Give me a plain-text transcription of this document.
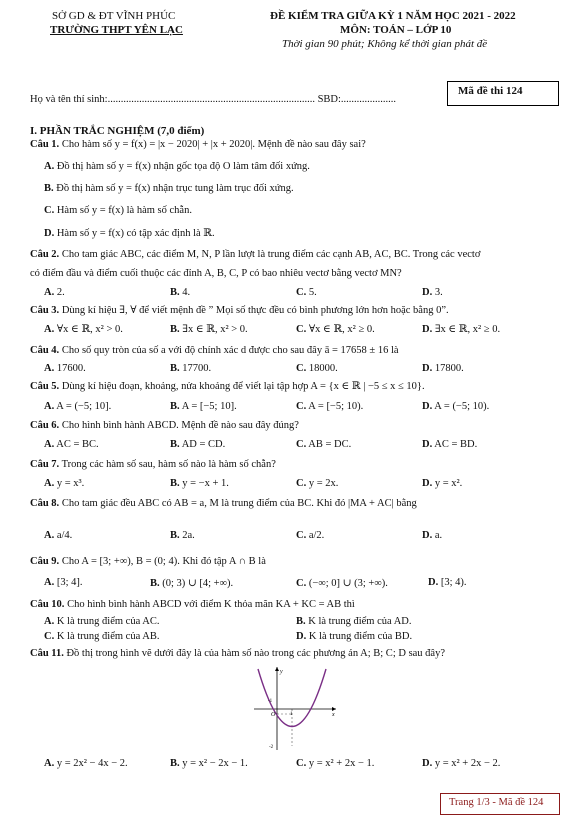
SỞ GD & ĐT VĨNH PHÚC
TRƯỜNG THPT YÊN LẠC
ĐỀ KIỂM TRA GIỮA KỲ 1 NĂM HỌC 2021 - 2022
MÔN: TOÁN – LỚP 10
Thời gian 90 phút; Không kể thời gian phát đề
Mã đề thi 124
Họ và tên thí sinh:............................................................................... SBD:.....................
I. PHẦN TRẮC NGHIỆM (7,0 điểm)
Câu 1. Cho hàm số y = f(x) = |x − 2020| + |x + 2020|. Mệnh đề nào sau đây sai?
A. Đồ thị hàm số y = f(x) nhận gốc tọa độ O làm tâm đối xứng.
B. Đồ thị hàm số y = f(x) nhận trục tung làm trục đối xứng.
C. Hàm số y = f(x) là hàm số chẵn.
D. Hàm số y = f(x) có tập xác định là ℝ.
Câu 2. Cho tam giác ABC, các điểm M, N, P lần lượt là trung điểm các cạnh AB, AC, BC. Trong các vectơ
có điểm đầu và điểm cuối thuộc các đỉnh A, B, C, P có bao nhiêu vectơ bằng vectơ MN?
A. 2.	B. 4.	C. 5.	D. 3.
Câu 3. Dùng kí hiệu ∃, ∀ để viết mệnh đề ” Mọi số thực đều có bình phương lớn hơn hoặc bằng 0”.
A. ∀x ∈ ℝ, x² > 0.	B. ∃x ∈ ℝ, x² > 0.	C. ∀x ∈ ℝ, x² ≥ 0.	D. ∃x ∈ ℝ, x² ≥ 0.
Câu 4. Cho số quy tròn của số a với độ chính xác d được cho sau đây ā = 17658 ± 16 là
A. 17600.	B. 17700.	C. 18000.	D. 17800.
Câu 5. Dùng kí hiệu đoạn, khoảng, nửa khoảng để viết lại tập hợp A = {x ∈ ℝ | −5 ≤ x ≤ 10}.
A. A = (−5; 10].	B. A = [−5; 10].	C. A = [−5; 10).	D. A = (−5; 10).
Câu 6. Cho hình bình hành ABCD. Mệnh đề nào sau đây đúng?
A. AC = BC.	B. AD = CD.	C. AB = DC.	D. AC = BD.
Câu 7. Trong các hàm số sau, hàm số nào là hàm số chẵn?
A. y = x³.	B. y = −x + 1.	C. y = 2x.	D. y = x².
Câu 8. Cho tam giác đều ABC có AB = a, M là trung điểm của BC. Khi đó |MA + AC| bằng
A. a/4.	B. 2a.	C. a/2.	D. a.
Câu 9. Cho A = [3; +∞), B = (0; 4). Khi đó tập A ∩ B là
A. [3; 4].	B. (0; 3) ∪ [4; +∞).	C. (−∞; 0] ∪ (3; +∞).	D. [3; 4).
Câu 10. Cho hình bình hành ABCD với điểm K thỏa mãn KA + KC = AB thì
A. K là trung điểm của AC.	B. K là trung điểm của AD.
C. K là trung điểm của AB.	D. K là trung điểm của BD.
Câu 11. Đồ thị trong hình vẽ dưới đây là của hàm số nào trong các phương án A; B; C; D sau đây?
y
x
O	1
-1
-2
A. y = 2x² − 4x − 2.	B. y = x² − 2x − 1.	C. y = x² + 2x − 1.	D. y = x² + 2x − 2.
Trang 1/3 - Mã đề 124
